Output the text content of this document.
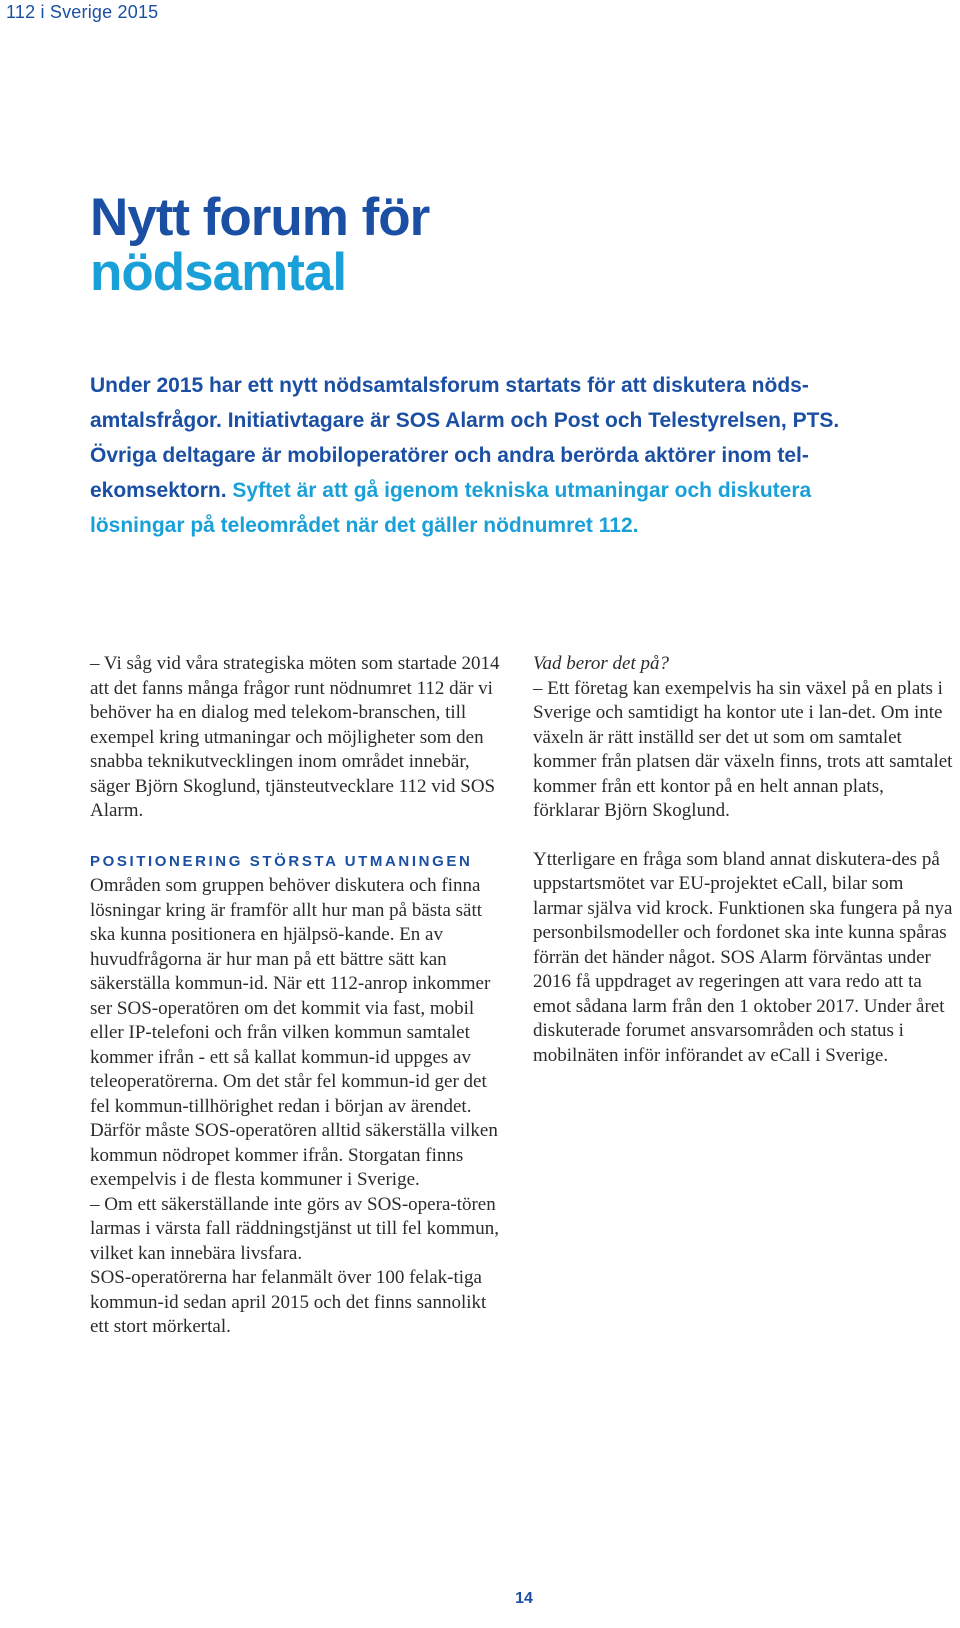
112 i Sverige 2015
Nytt forum för
nödsamtal

Under 2015 har ett nytt nödsamtalsforum startats för att diskutera nöds-amtalsfrågor. Initiativtagare är SOS Alarm och Post och Telestyrelsen, PTS. Övriga deltagare är mobiloperatörer och andra berörda aktörer inom tel-ekomsektorn. Syftet är att gå igenom tekniska utmaningar och diskutera lösningar på teleområdet när det gäller nödnumret 112.

– Vi såg vid våra strategiska möten som startade 2014 att det fanns många frågor runt nödnumret 112 där vi behöver ha en dialog med telekom-branschen, till exempel kring utmaningar och möjligheter som den snabba teknikutvecklingen inom området innebär, säger Björn Skoglund, tjänsteutvecklare 112 vid SOS Alarm.

POSITIONERING STÖRSTA UTMANINGEN

Områden som gruppen behöver diskutera och finna lösningar kring är framför allt hur man på bästa sätt ska kunna positionera en hjälpsö-kande. En av huvudfrågorna är hur man på ett bättre sätt kan säkerställa kommun-id. När ett 112-anrop inkommer ser SOS-operatören om det kommit via fast, mobil eller IP-telefoni och från vilken kommun samtalet kommer ifrån - ett så kallat kommun-id uppges av teleoperatörerna. Om det står fel kommun-id ger det fel kommun-tillhörighet redan i början av ärendet. Därför måste SOS-operatören alltid säkerställa vilken kommun nödropet kommer ifrån. Storgatan finns exempelvis i de flesta kommuner i Sverige.

– Om ett säkerställande inte görs av SOS-opera-tören larmas i värsta fall räddningstjänst ut till fel kommun, vilket kan innebära livsfara.

SOS-operatörerna har felanmält över 100 felak-tiga kommun-id sedan april 2015 och det finns sannolikt ett stort mörkertal.

Vad beror det på?

– Ett företag kan exempelvis ha sin växel på en plats i Sverige och samtidigt ha kontor ute i lan-det. Om inte växeln är rätt inställd ser det ut som om samtalet kommer från platsen där växeln finns, trots att samtalet kommer från ett kontor på en helt annan plats, förklarar Björn Skoglund.

Ytterligare en fråga som bland annat diskutera-des på uppstartsmötet var EU-projektet eCall, bilar som larmar själva vid krock. Funktionen ska fungera på nya personbilsmodeller och fordonet ska inte kunna spåras förrän det händer något. SOS Alarm förväntas under 2016 få uppdraget av regeringen att vara redo att ta emot sådana larm från den 1 oktober 2017. Under året diskuterade forumet ansvarsområden och status i mobilnäten inför införandet av eCall i Sverige.

14
